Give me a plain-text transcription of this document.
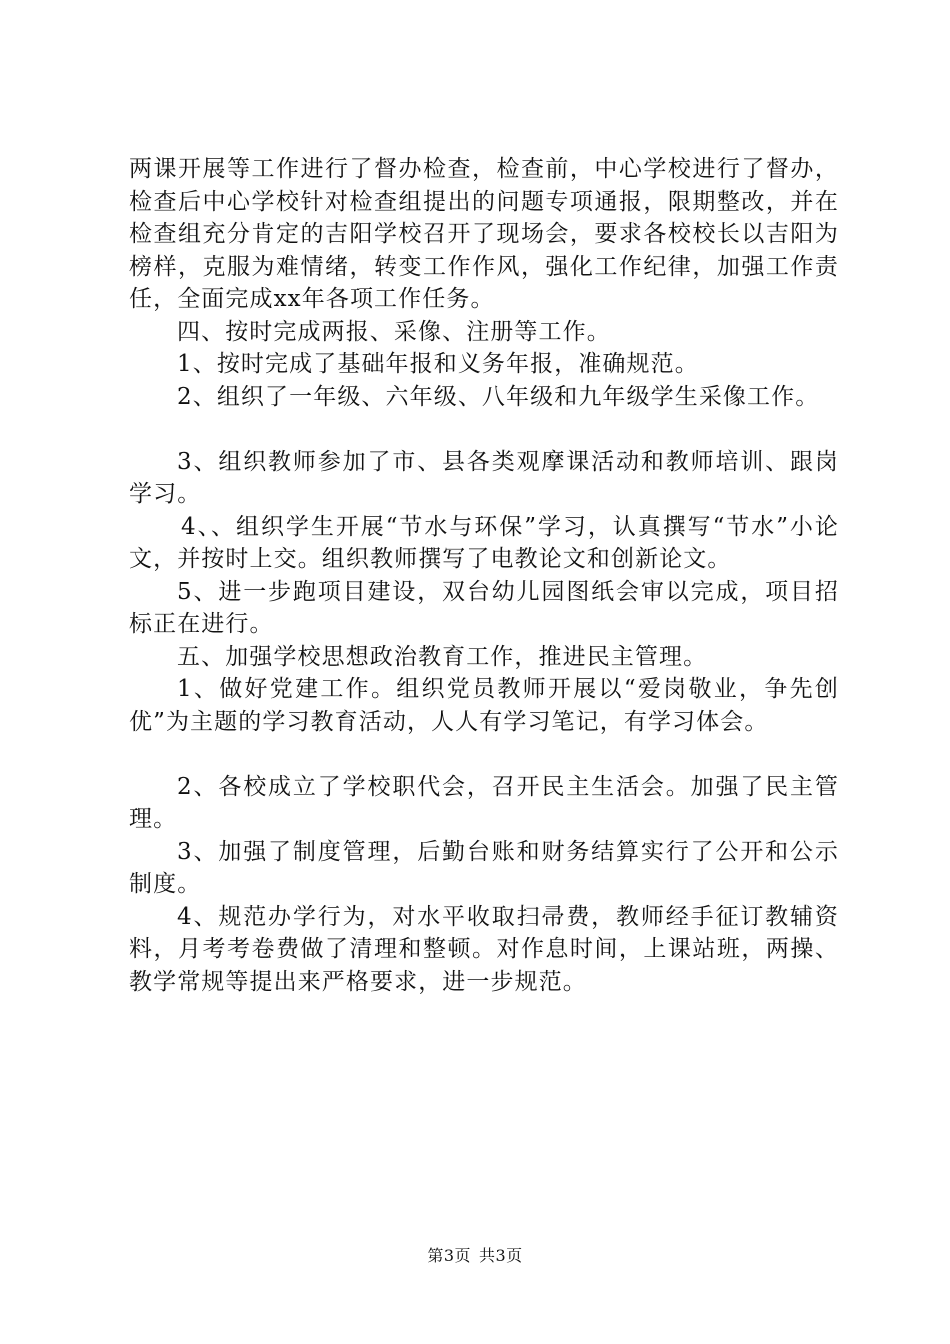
两课开展等工作进行了督办检查，检查前，中心学校进行了督办，检查后中心学校针对检查组提出的问题专项通报，限期整改，并在检查组充分肯定的吉阳学校召开了现场会，要求各校校长以吉阳为榜样，克服为难情绪，转变工作作风，强化工作纪律，加强工作责任，全面完成xx年各项工作任务。

四、按时完成两报、采像、注册等工作。

1、按时完成了基础年报和义务年报，准确规范。

2、组织了一年级、六年级、八年级和九年级学生采像工作。

3、组织教师参加了市、县各类观摩课活动和教师培训、跟岗学习。

4、、组织学生开展“节水与环保”学习，认真撰写“节水”小论文，并按时上交。组织教师撰写了电教论文和创新论文。

5、进一步跑项目建设，双台幼儿园图纸会审以完成，项目招标正在进行。

五、加强学校思想政治教育工作，推进民主管理。

1、做好党建工作。组织党员教师开展以“爱岗敬业，争先创优”为主题的学习教育活动，人人有学习笔记，有学习体会。

2、各校成立了学校职代会，召开民主生活会。加强了民主管理。

3、加强了制度管理，后勤台账和财务结算实行了公开和公示制度。

4、规范办学行为，对水平收取扫帚费，教师经手征订教辅资料，月考考卷费做了清理和整顿。对作息时间，上课站班，两操、教学常规等提出来严格要求，进一步规范。

第3页 共3页
